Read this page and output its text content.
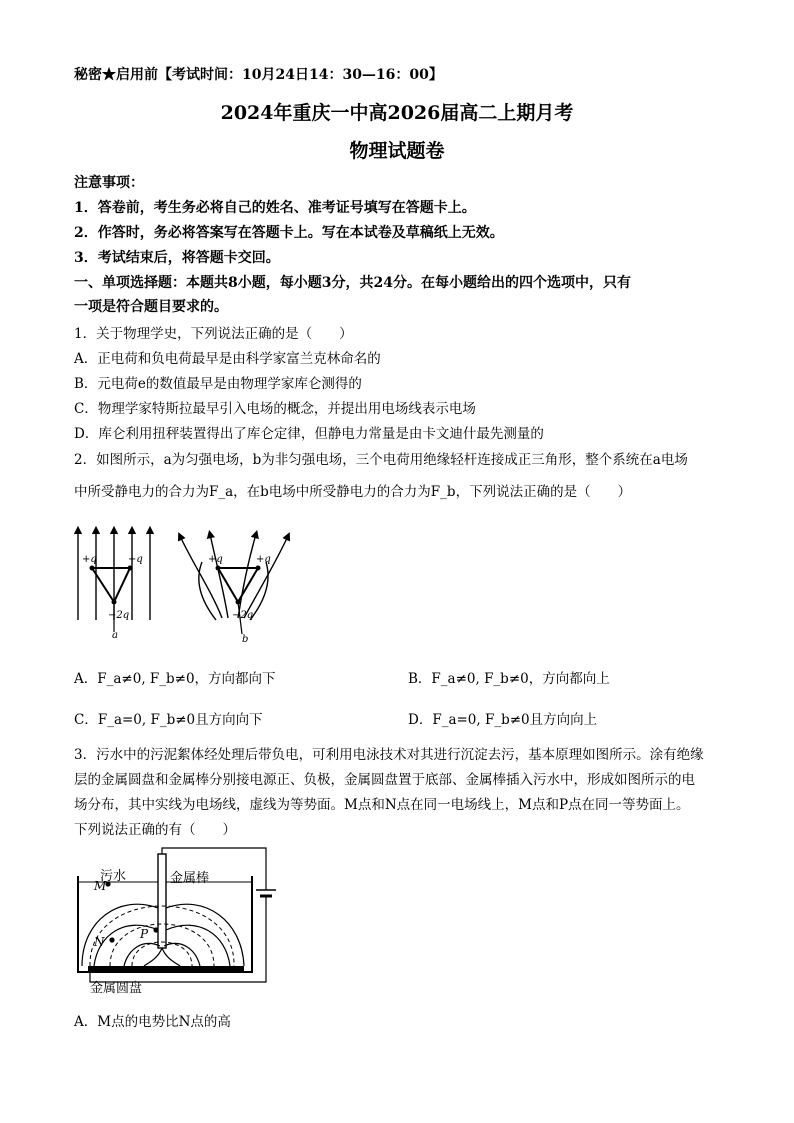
秘密★启用前【考试时间：10月24日14：30—16：00】
2024年重庆一中高2026届高二上期月考
物理试题卷
注意事项：
1．答卷前，考生务必将自己的姓名、准考证号填写在答题卡上。
2．作答时，务必将答案写在答题卡上。写在本试卷及草稿纸上无效。
3．考试结束后，将答题卡交回。
一、单项选择题：本题共8小题，每小题3分，共24分。在每小题给出的四个选项中，只有
一项是符合题目要求的。
1．关于物理学史，下列说法正确的是（　　）
A．正电荷和负电荷最早是由科学家富兰克林命名的
B．元电荷e的数值最早是由物理学家库仑测得的
C．物理学家特斯拉最早引入电场的概念，并提出用电场线表示电场
D．库仑利用扭秤装置得出了库仑定律，但静电力常量是由卡文迪什最先测量的
2．如图所示，a为匀强电场，b为非匀强电场，三个电荷用绝缘轻杆连接成正三角形，整个系统在a电场
中所受静电力的合力为F_a，在b电场中所受静电力的合力为F_b，下列说法正确的是（　　）
+q	+q
−2q
a
+q	+q
−2q
b
A．F_a≠0, F_b≠0，方向都向下	B．F_a≠0, F_b≠0，方向都向上
C．F_a=0, F_b≠0且方向向下	D．F_a=0, F_b≠0且方向向上
3．污水中的污泥絮体经处理后带负电，可利用电泳技术对其进行沉淀去污，基本原理如图所示。涂有绝缘
层的金属圆盘和金属棒分别接电源正、负极，金属圆盘置于底部、金属棒插入污水中，形成如图所示的电
场分布，其中实线为电场线，虚线为等势面。M点和N点在同一电场线上，M点和P点在同一等势面上。
下列说法正确的有（　　）
M
N
P
污水	金属棒
金属圆盘
A．M点的电势比N点的高
